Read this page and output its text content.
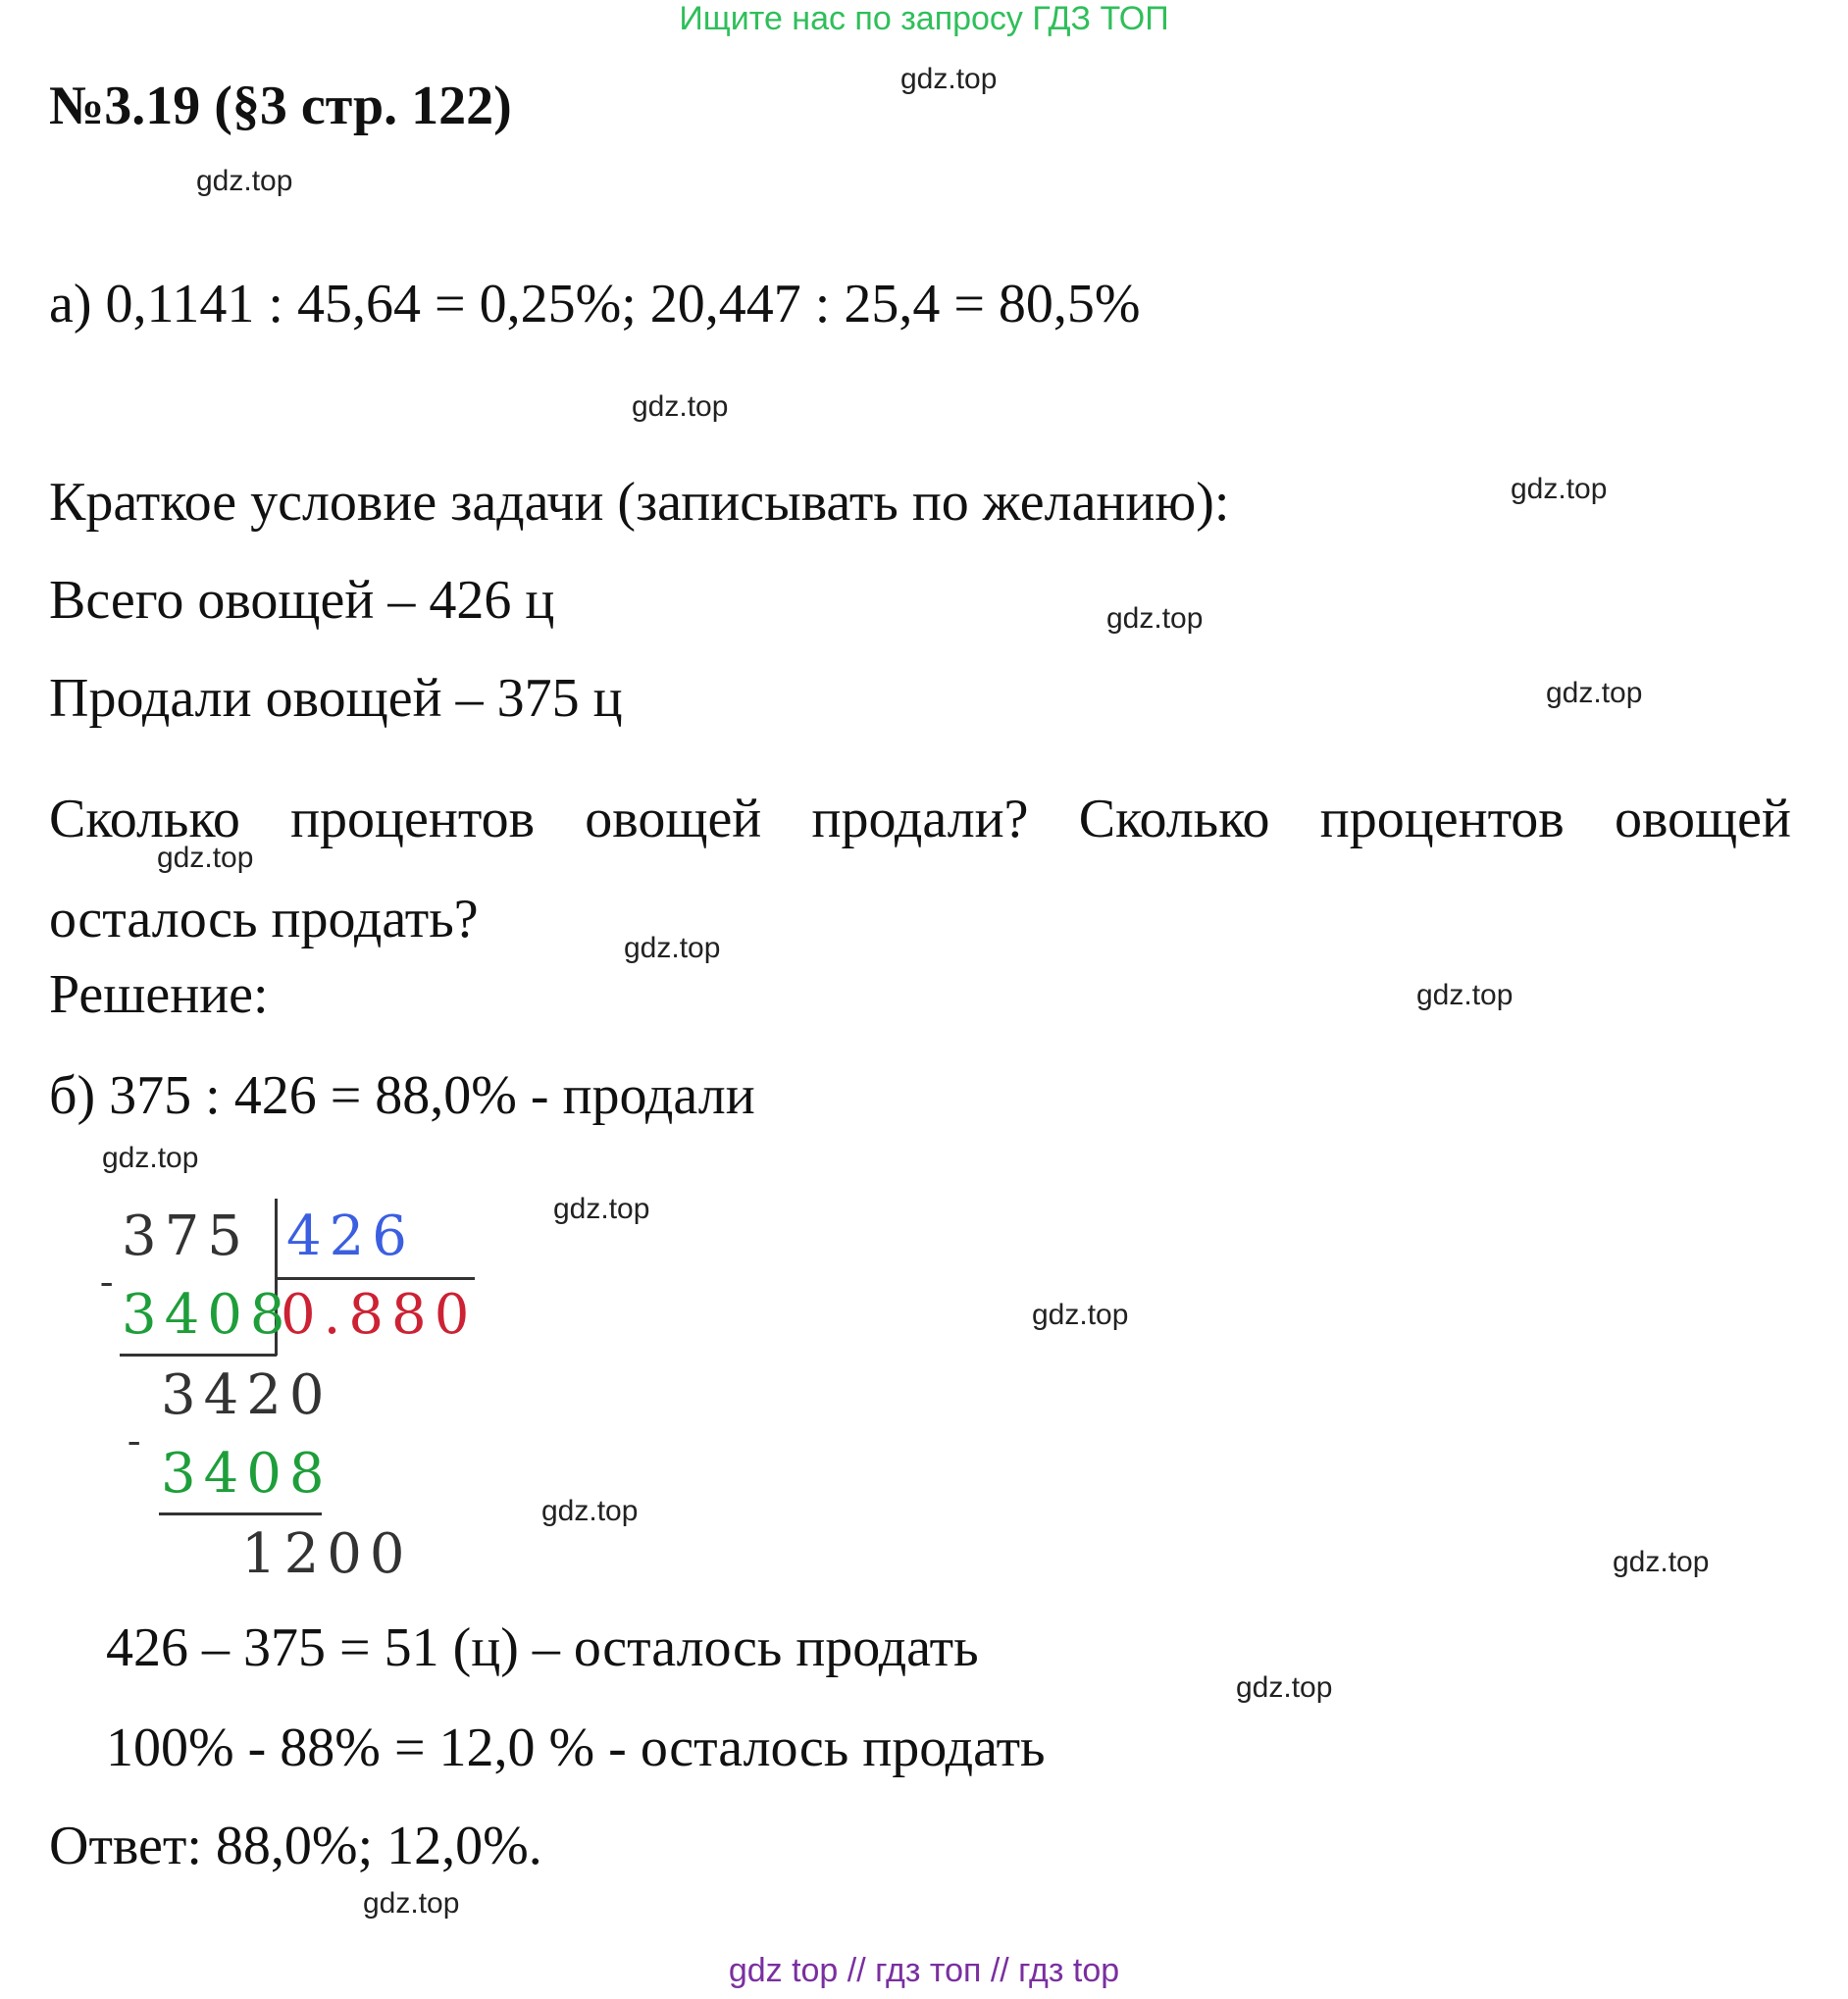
Ищите нас по запросу ГДЗ ТОП
№3.19 (§3 стр. 122)
а) 0,1141 : 45,64 = 0,25%; 20,447 : 25,4 = 80,5%
Краткое условие задачи (записывать по желанию):
Всего овощей – 426 ц
Продали овощей – 375 ц
Сколько процентов овощей продали? Сколько процентов овощей осталось продать?
Решение:
б) 375 : 426 = 88,0% - продали
375 426
-
3408
0.880
3420
-
3408
1200
426 – 375 = 51 (ц) – осталось продать
100% - 88% = 12,0 % - осталось продать
Ответ: 88,0%; 12,0%.
gdz.top
gdz.top
gdz.top
gdz.top
gdz.top
gdz.top
gdz.top
gdz.top
gdz.top
gdz.top
gdz.top
gdz.top
gdz.top
gdz.top
gdz.top
gdz.top
gdz top // гдз топ // гдз top
